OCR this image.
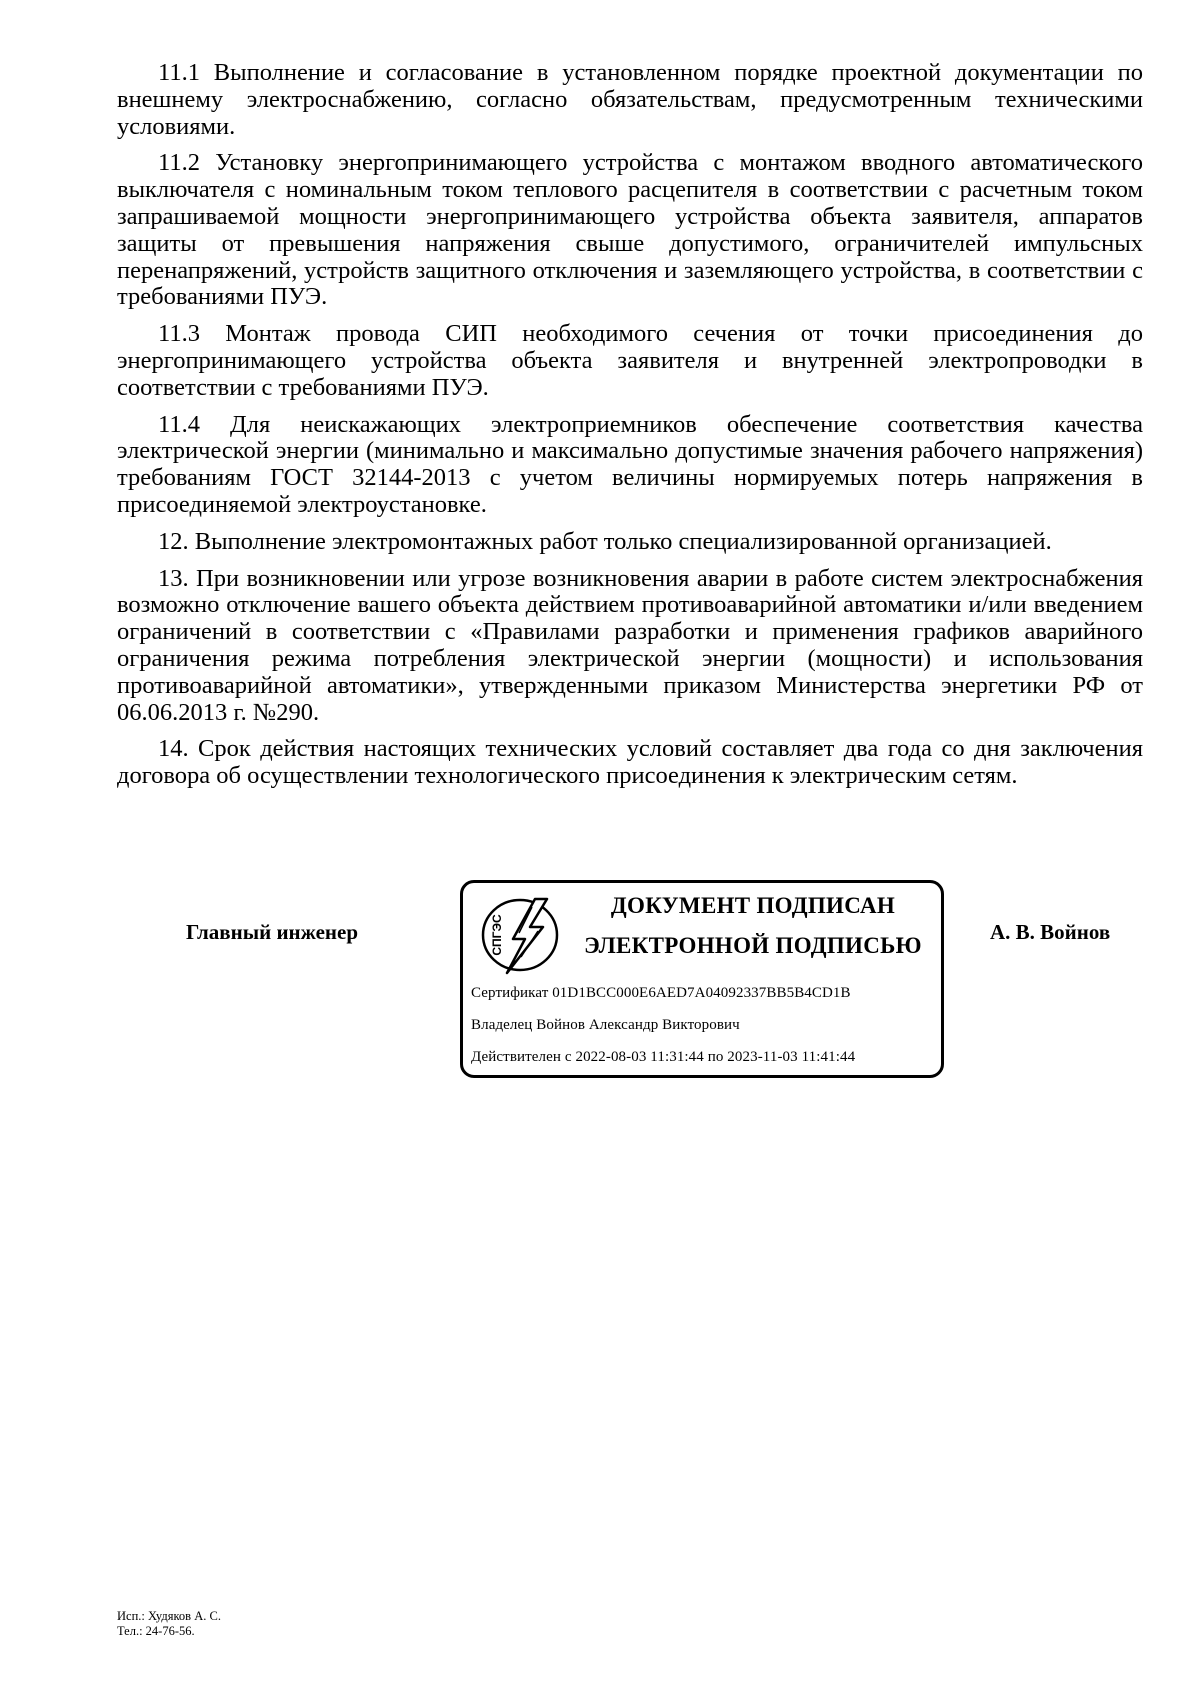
11.1 Выполнение и согласование в установленном порядке проектной документации по внешнему электроснабжению, согласно обязательствам, предусмотренным техническими условиями.

11.2 Установку энергопринимающего устройства с монтажом вводного автоматического выключателя с номинальным током теплового расцепителя в соответствии с расчетным током запрашиваемой мощности энергопринимающего устройства объекта заявителя, аппаратов защиты от превышения напряжения свыше допустимого, ограничителей импульсных перенапряжений, устройств защитного отключения и заземляющего устройства, в соответствии с требованиями ПУЭ.

11.3 Монтаж провода СИП необходимого сечения от точки присоединения до энергопринимающего устройства объекта заявителя и внутренней электропроводки в соответствии с требованиями ПУЭ.

11.4 Для неискажающих электроприемников обеспечение соответствия качества электрической энергии (минимально и максимально допустимые значения рабочего напряжения) требованиям ГОСТ 32144-2013 с учетом величины нормируемых потерь напряжения в присоединяемой электроустановке.

12. Выполнение электромонтажных работ только специализированной организацией.

13. При возникновении или угрозе возникновения аварии в работе систем электроснабжения возможно отключение вашего объекта действием противоаварийной автоматики и/или введением ограничений в соответствии с «Правилами разработки и применения графиков аварийного ограничения режима потребления электрической энергии (мощности) и использования противоаварийной автоматики», утвержденными приказом Министерства энергетики РФ от 06.06.2013 г. №290.

14. Срок действия настоящих технических условий составляет два года со дня заключения договора об осуществлении технологического присоединения к электрическим сетям.

Главный инженер	СПГЭС
ДОКУМЕНТ ПОДПИСАН
ЭЛЕКТРОННОЙ ПОДПИСЬЮ
Сертификат 01D1BCC000E6AED7A04092337BB5B4CD1B
Владелец Войнов Александр Викторович
Действителен с 2022-08-03 11:31:44 по 2023-11-03 11:41:44
А. В. Войнов
Исп.: Худяков А. С.
Тел.: 24-76-56.
